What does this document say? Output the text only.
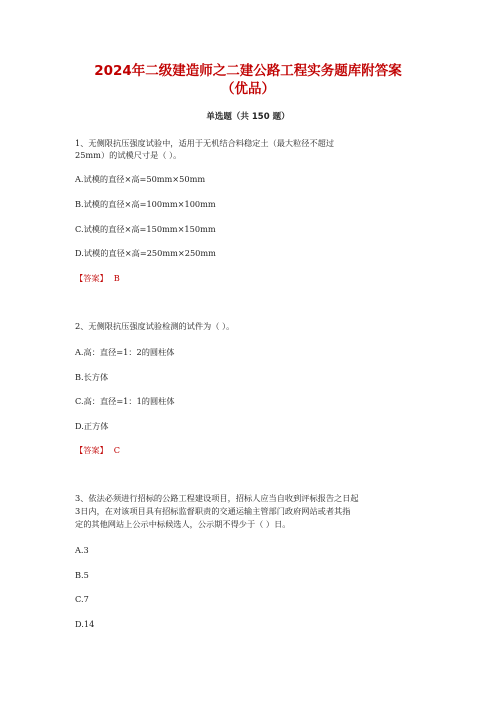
2024年二级建造师之二建公路工程实务题库附答案
（优品）
单选题（共 150 题）
1、无侧限抗压强度试验中，适用于无机结合料稳定土（最大粒径不超过
25mm）的试模尺寸是（ ）。
A.试模的直径×高=50mm×50mm
B.试模的直径×高=100mm×100mm
C.试模的直径×高=150mm×150mm
D.试模的直径×高=250mm×250mm
【答案】 B
2、无侧限抗压强度试验检测的试件为（ ）。
A.高：直径=1：2的圆柱体
B.长方体
C.高：直径=1：1的圆柱体
D.正方体
【答案】 C
3、依法必须进行招标的公路工程建设项目，招标人应当自收到评标报告之日起
3日内，在对该项目具有招标监督职责的交通运输主管部门政府网站或者其指
定的其他网站上公示中标候选人，公示期不得少于（ ）日。
A.3
B.5
C.7
D.14
